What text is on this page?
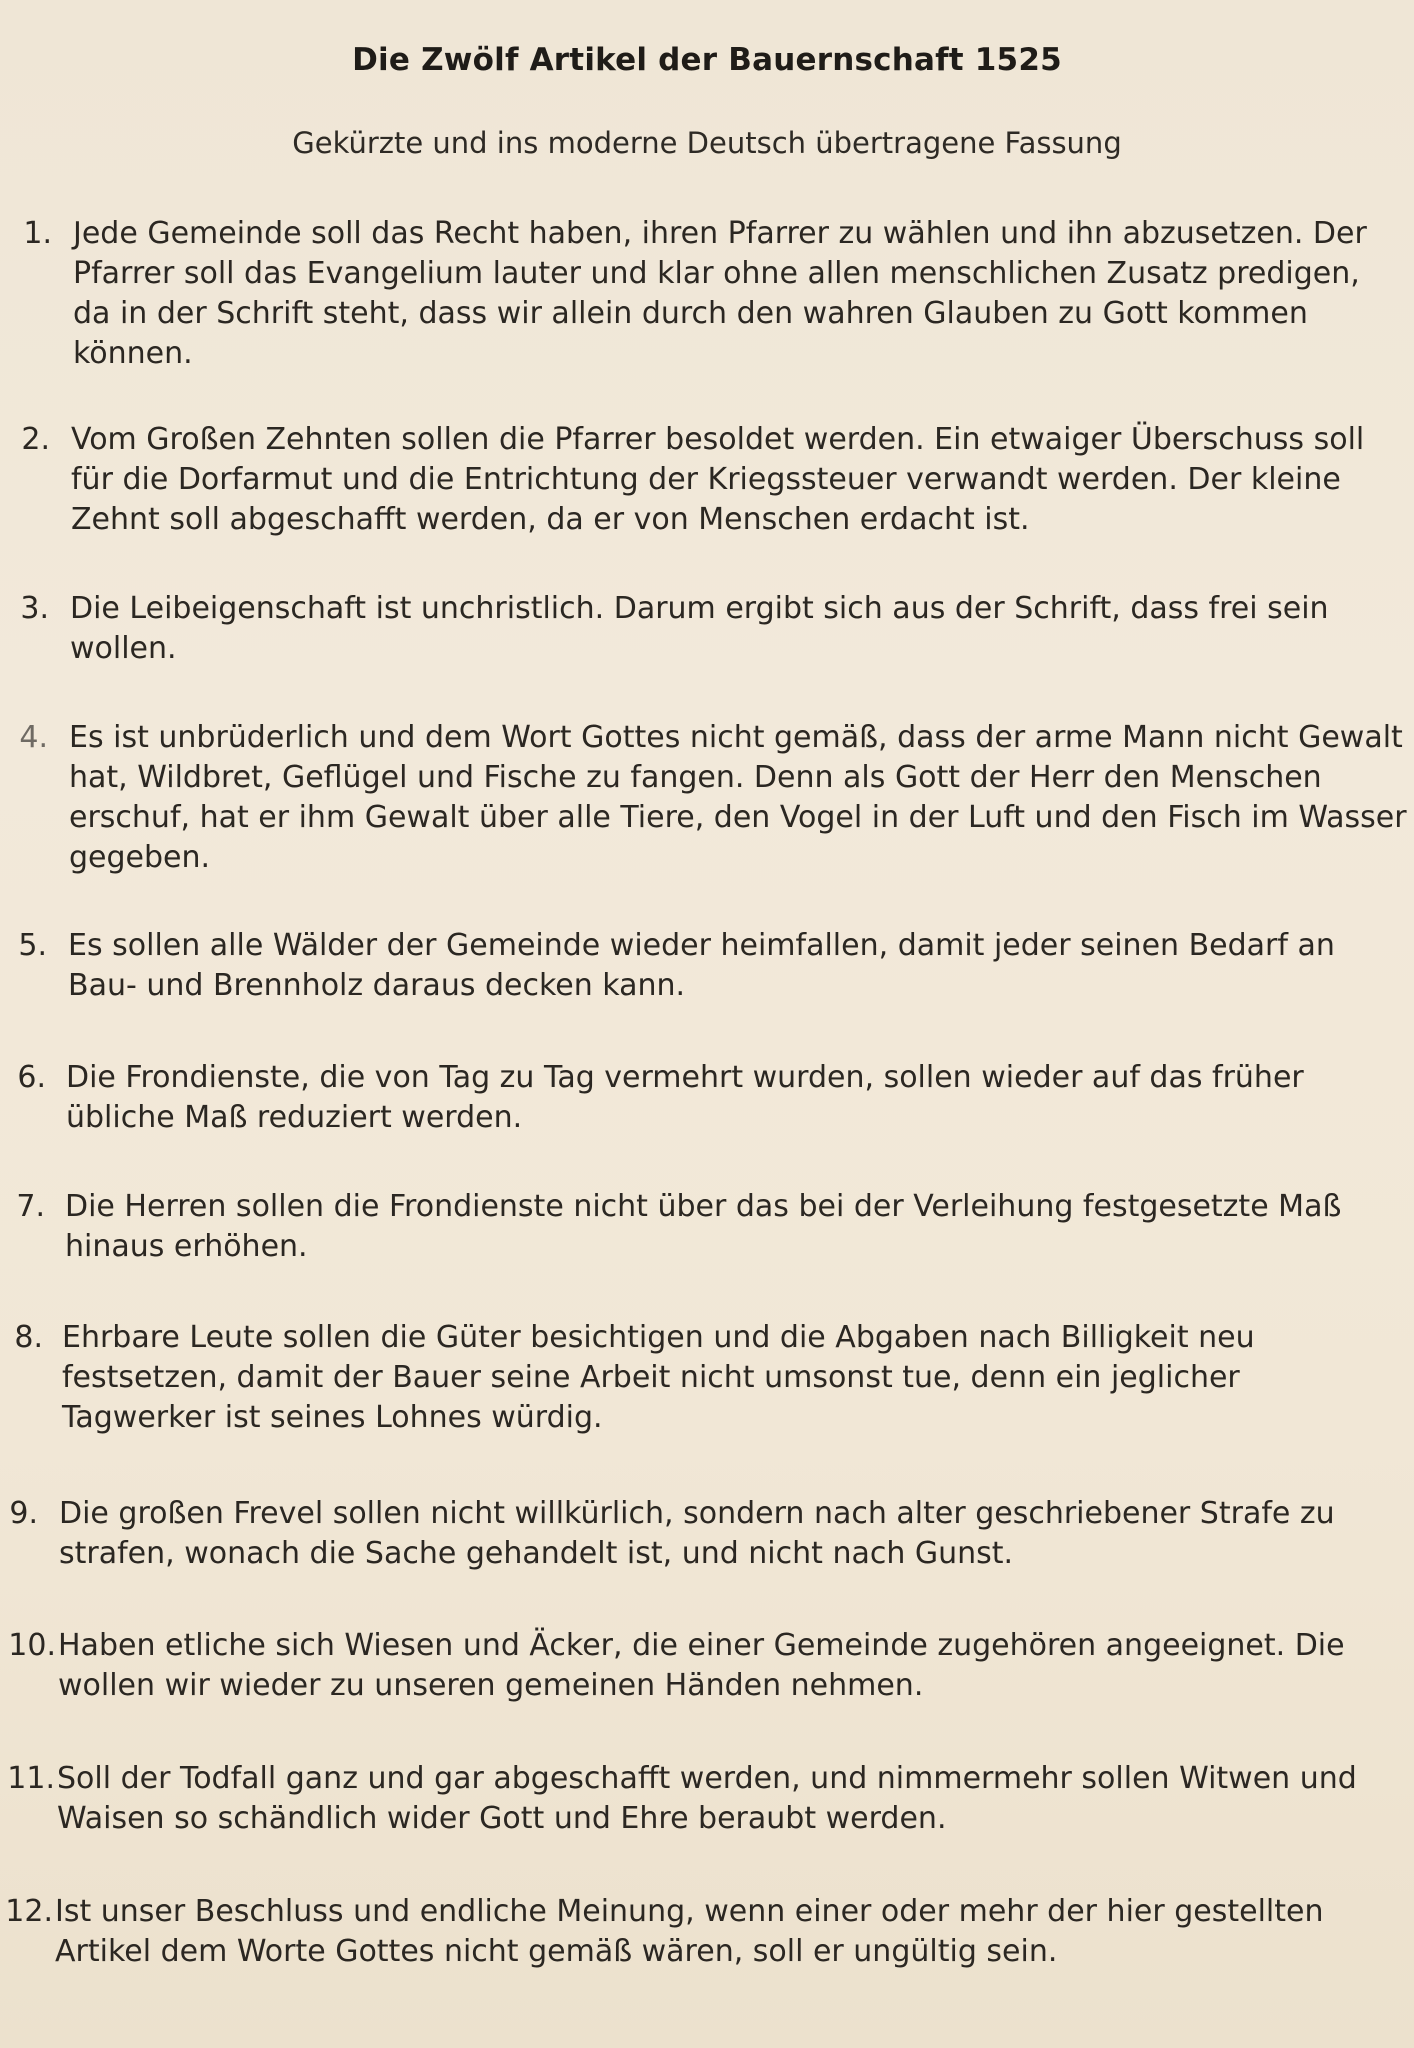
Die Zwölf Artikel der Bauernschaft 1525
Gekürzte und ins moderne Deutsch übertragene Fassung
1. Jede Gemeinde soll das Recht haben, ihren Pfarrer zu wählen und ihn abzusetzen. Der Pfarrer soll das Evangelium lauter und klar ohne allen menschlichen Zusatz predigen, da in der Schrift steht, dass wir allein durch den wahren Glauben zu Gott kommen können.
2. Vom Großen Zehnten sollen die Pfarrer besoldet werden. Ein etwaiger Überschuss soll für die Dorfarmut und die Entrichtung der Kriegssteuer verwandt werden. Der kleine Zehnt soll abgeschafft werden, da er von Menschen erdacht ist.
3. Die Leibeigenschaft ist unchristlich. Darum ergibt sich aus der Schrift, dass frei sein wollen.
4. Es ist unbrüderlich und dem Wort Gottes nicht gemäß, dass der arme Mann nicht Gewalt hat, Wildbret, Geflügel und Fische zu fangen. Denn als Gott der Herr den Menschen erschuf, hat er ihm Gewalt über alle Tiere, den Vogel in der Luft und den Fisch im Wasser gegeben.
5. Es sollen alle Wälder der Gemeinde wieder heimfallen, damit jeder seinen Bedarf an Bau- und Brennholz daraus decken kann.
6. Die Frondienste, die von Tag zu Tag vermehrt wurden, sollen wieder auf das früher übliche Maß reduziert werden.
7. Die Herren sollen die Frondienste nicht über das bei der Verleihung festgesetzte Maß hinaus erhöhen.
8. Ehrbare Leute sollen die Güter besichtigen und die Abgaben nach Billigkeit neu festsetzen, damit der Bauer seine Arbeit nicht umsonst tue, denn ein jeglicher Tagwerker ist seines Lohnes würdig.
9. Die großen Frevel sollen nicht willkürlich, sondern nach alter geschriebener Strafe zu strafen, wonach die Sache gehandelt ist, und nicht nach Gunst.
10. Haben etliche sich Wiesen und Äcker, die einer Gemeinde zugehören angeeignet. Die wollen wir wieder zu unseren gemeinen Händen nehmen.
11. Soll der Todfall ganz und gar abgeschafft werden, und nimmermehr sollen Witwen und Waisen so schändlich wider Gott und Ehre beraubt werden.
12. Ist unser Beschluss und endliche Meinung, wenn einer oder mehr der hier gestellten Artikel dem Worte Gottes nicht gemäß wären, soll er ungültig sein.
